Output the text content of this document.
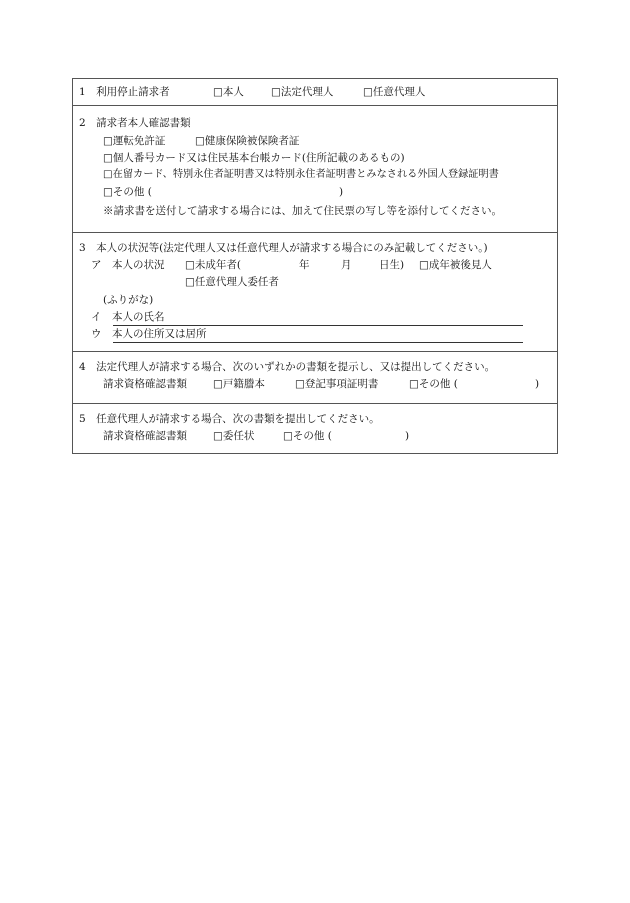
1　利用停止請求者	□本人	□法定代理人	□任意代理人
2　請求者本人確認書類
□運転免許証	□健康保険被保険者証
□個人番号カード又は住民基本台帳カード(住所記載のあるもの)
□在留カード、特別永住者証明書又は特別永住者証明書とみなされる外国人登録証明書
□その他 (	)
※請求書を送付して請求する場合には、加えて住民票の写し等を添付してください。
3　本人の状況等(法定代理人又は任意代理人が請求する場合にのみ記載してください。)
ア　本人の状況 □未成年者(	年	月	日生) □成年被後見人
□任意代理人委任者
(ふりがな)
イ　本人の氏名
ウ　本人の住所又は居所
4　法定代理人が請求する場合、次のいずれかの書類を提示し、又は提出してください。
請求資格確認書類 □戸籍謄本	□登記事項証明書	□その他 (	)
5　任意代理人が請求する場合、次の書類を提出してください。
請求資格確認書類 □委任状	□その他 (	)
